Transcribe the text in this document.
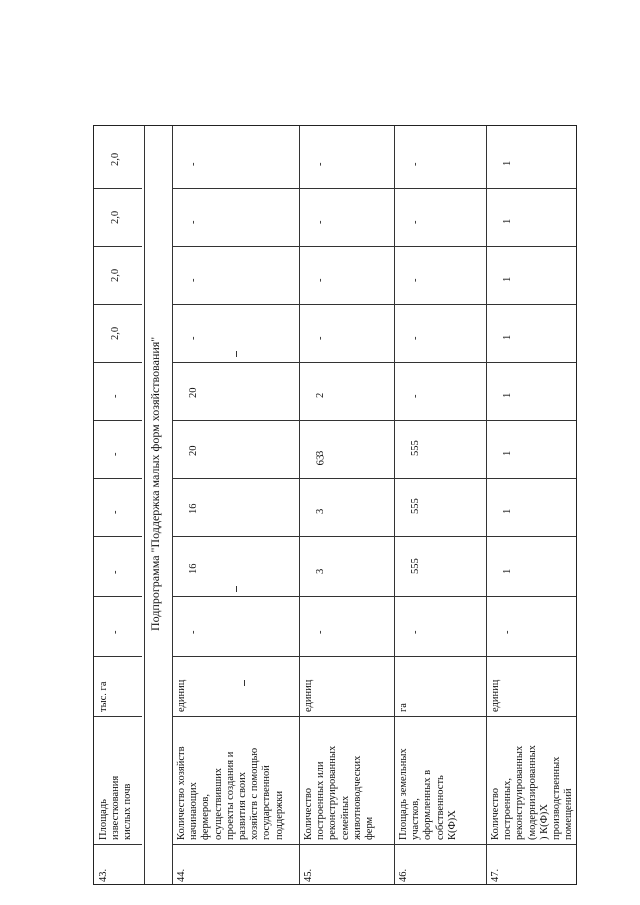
63
43.
Площадь
известкования
кислых почв
тыс. га
-
-
-
-
-
2,0
2,0
2,0
2,0
44.
Количество хозяйств
начинающих
фермеров,
осуществивших
проекты создания и
развития своих
хозяйств с помощью
государственной
поддержки
единиц
-
16
16
20
20
-
-
-
-
45.
Количество
построенных или
реконструированных
семейных
животноводческих
ферм
единиц
-
3
3
3
2
-
-
-
-
46.
Площадь земельных
участков,
оформленных в
собственность
К(Ф)Х
га
-
555
555
555
-
-
-
-
-
47.
Количество
построенных,
реконструированных
(модернизированных
) К(Ф)Х
производственных
помещений
единиц
-
1
1
1
1
1
1
1
1
Подпрограмма "Поддержка малых форм хозяйствования"
